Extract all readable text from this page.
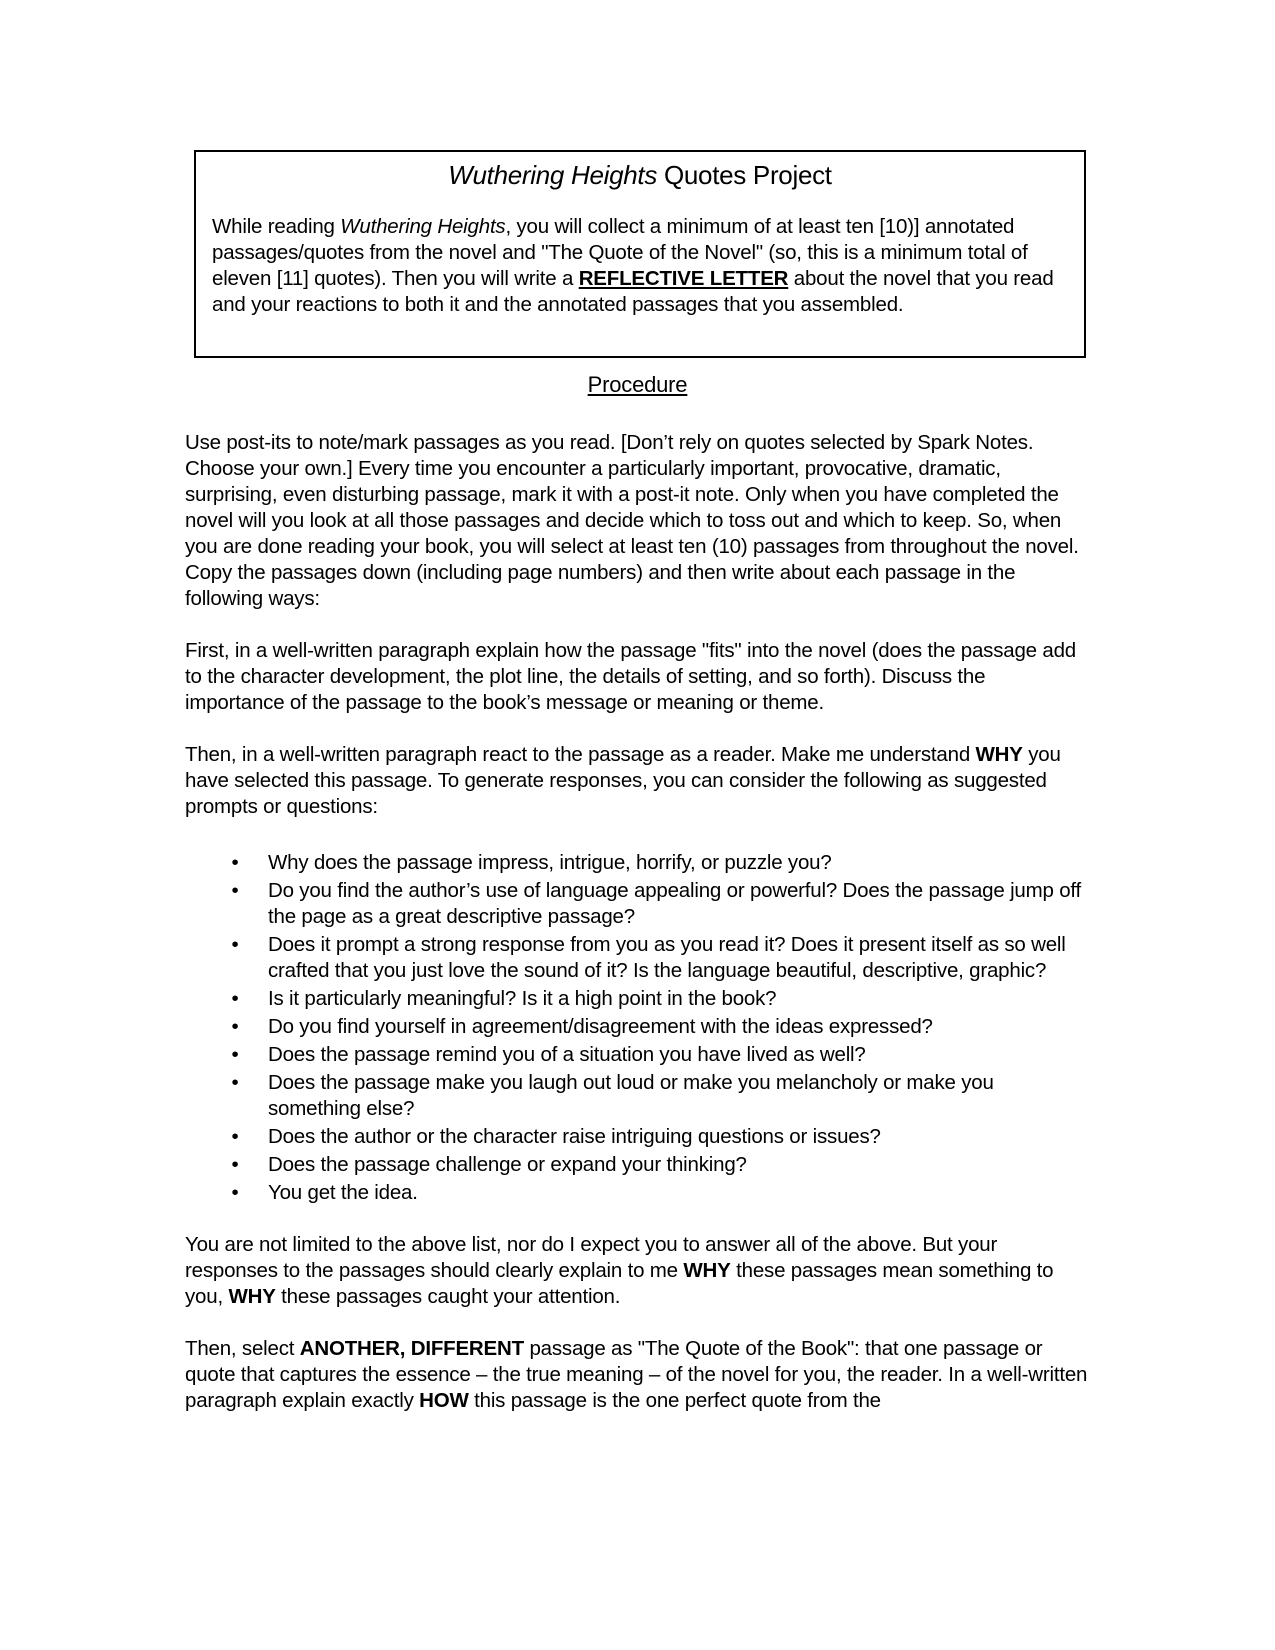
Wuthering Heights Quotes Project
While reading Wuthering Heights, you will collect a minimum of at least ten [10)] annotated passages/quotes from the novel and "The Quote of the Novel" (so, this is a minimum total of eleven [11] quotes). Then you will write a REFLECTIVE LETTER about the novel that you read and your reactions to both it and the annotated passages that you assembled.
Procedure

Use post-its to note/mark passages as you read. [Don’t rely on quotes selected by Spark Notes. Choose your own.] Every time you encounter a particularly important, provocative, dramatic, surprising, even disturbing passage, mark it with a post-it note. Only when you have completed the novel will you look at all those passages and decide which to toss out and which to keep. So, when you are done reading your book, you will select at least ten (10) passages from throughout the novel. Copy the passages down (including page numbers) and then write about each passage in the following ways:

First, in a well-written paragraph explain how the passage "fits" into the novel (does the passage add to the character development, the plot line, the details of setting, and so forth). Discuss the importance of the passage to the book’s message or meaning or theme.

Then, in a well-written paragraph react to the passage as a reader. Make me understand WHY you have selected this passage. To generate responses, you can consider the following as suggested prompts or questions:

• Why does the passage impress, intrigue, horrify, or puzzle you?
• Do you find the author’s use of language appealing or powerful? Does the passage jump off the page as a great descriptive passage?
• Does it prompt a strong response from you as you read it? Does it present itself as so well crafted that you just love the sound of it? Is the language beautiful, descriptive, graphic?
• Is it particularly meaningful? Is it a high point in the book?
• Do you find yourself in agreement/disagreement with the ideas expressed?
• Does the passage remind you of a situation you have lived as well?
• Does the passage make you laugh out loud or make you melancholy or make you something else?
• Does the author or the character raise intriguing questions or issues?
• Does the passage challenge or expand your thinking?
• You get the idea.

You are not limited to the above list, nor do I expect you to answer all of the above. But your responses to the passages should clearly explain to me WHY these passages mean something to you, WHY these passages caught your attention.

Then, select ANOTHER, DIFFERENT passage as "The Quote of the Book": that one passage or quote that captures the essence – the true meaning – of the novel for you, the reader. In a well-written paragraph explain exactly HOW this passage is the one perfect quote from the
